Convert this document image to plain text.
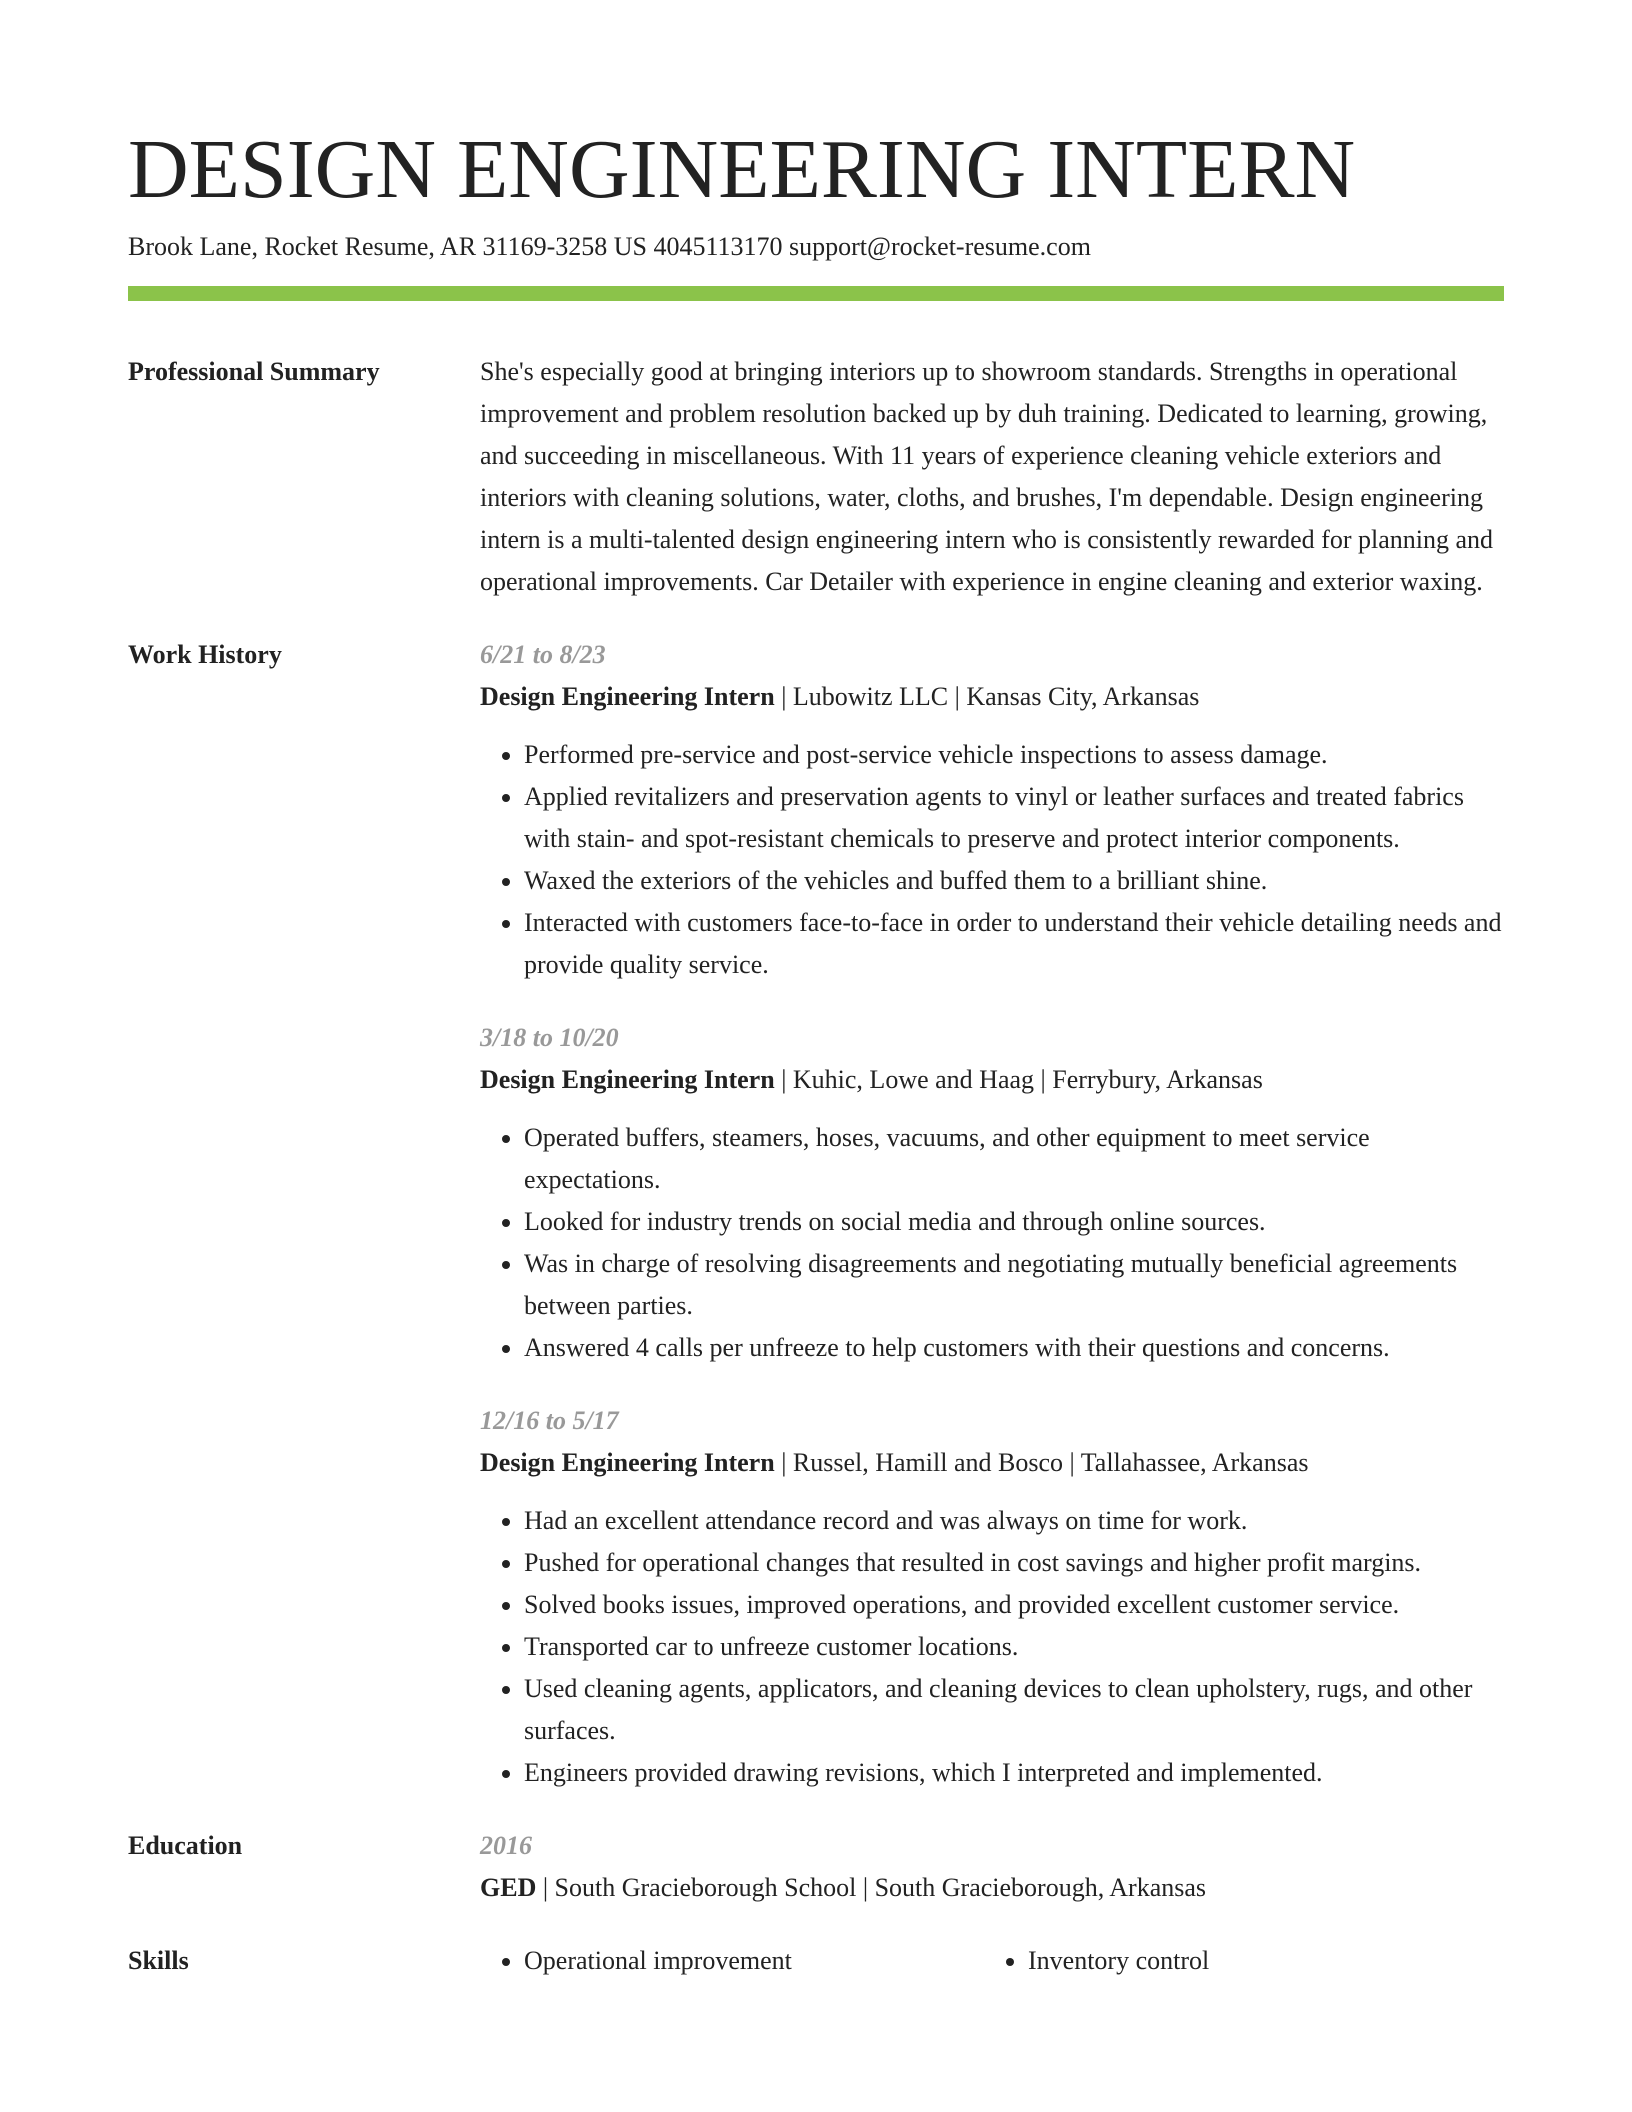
DESIGN ENGINEERING INTERN
Brook Lane, Rocket Resume, AR 31169-3258 US 4045113170 support@rocket-resume.com
Professional Summary	She's especially good at bringing interiors up to showroom standards. Strengths in operational improvement and problem resolution backed up by duh training. Dedicated to learning, growing, and succeeding in miscellaneous. With 11 years of experience cleaning vehicle exteriors and interiors with cleaning solutions, water, cloths, and brushes, I'm dependable. Design engineering intern is a multi-talented design engineering intern who is consistently rewarded for planning and operational improvements. Car Detailer with experience in engine cleaning and exterior waxing.
Work History	6/21 to 8/23
Design Engineering Intern | Lubowitz LLC | Kansas City, Arkansas
• Performed pre-service and post-service vehicle inspections to assess damage.
• Applied revitalizers and preservation agents to vinyl or leather surfaces and treated fabrics with stain- and spot-resistant chemicals to preserve and protect interior components.
• Waxed the exteriors of the vehicles and buffed them to a brilliant shine.
• Interacted with customers face-to-face in order to understand their vehicle detailing needs and provide quality service.
3/18 to 10/20
Design Engineering Intern | Kuhic, Lowe and Haag | Ferrybury, Arkansas
• Operated buffers, steamers, hoses, vacuums, and other equipment to meet service expectations.
• Looked for industry trends on social media and through online sources.
• Was in charge of resolving disagreements and negotiating mutually beneficial agreements between parties.
• Answered 4 calls per unfreeze to help customers with their questions and concerns.
12/16 to 5/17
Design Engineering Intern | Russel, Hamill and Bosco | Tallahassee, Arkansas
• Had an excellent attendance record and was always on time for work.
• Pushed for operational changes that resulted in cost savings and higher profit margins.
• Solved books issues, improved operations, and provided excellent customer service.
• Transported car to unfreeze customer locations.
• Used cleaning agents, applicators, and cleaning devices to clean upholstery, rugs, and other surfaces.
• Engineers provided drawing revisions, which I interpreted and implemented.
Education	2016
GED | South Gracieborough School | South Gracieborough, Arkansas
Skills	• Operational improvement	• Inventory control
